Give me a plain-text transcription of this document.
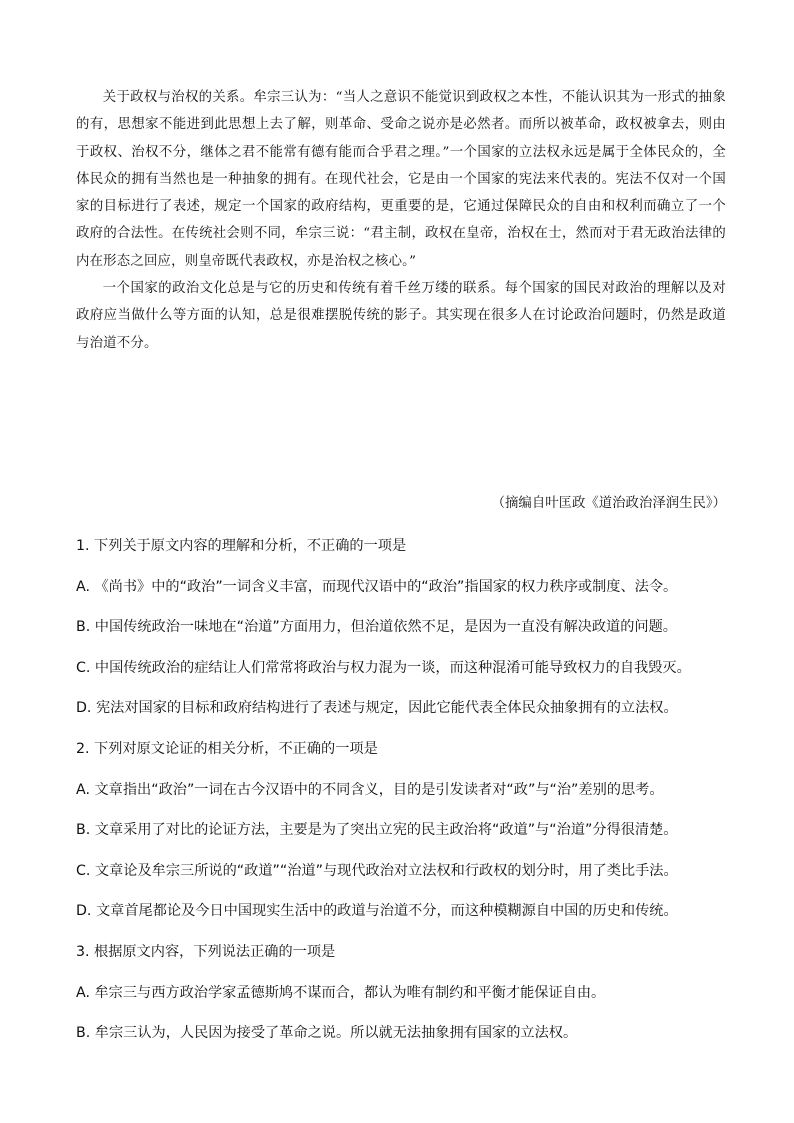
关于政权与治权的关系。牟宗三认为：“当人之意识不能觉识到政权之本性，不能认识其为一形式的抽象的有，思想家不能进到此思想上去了解，则革命、受命之说亦是必然者。而所以被革命，政权被拿去，则由于政权、治权不分，继体之君不能常有德有能而合乎君之理。”一个国家的立法权永远是属于全体民众的，全体民众的拥有当然也是一种抽象的拥有。在现代社会，它是由一个国家的宪法来代表的。宪法不仅对一个国家的目标进行了表述，规定一个国家的政府结构，更重要的是，它通过保障民众的自由和权利而确立了一个政府的合法性。在传统社会则不同，牟宗三说：“君主制，政权在皇帝，治权在士，然而对于君无政治法律的内在形态之回应，则皇帝既代表政权，亦是治权之核心。”

一个国家的政治文化总是与它的历史和传统有着千丝万缕的联系。每个国家的国民对政治的理解以及对政府应当做什么等方面的认知，总是很难摆脱传统的影子。其实现在很多人在讨论政治问题时，仍然是政道与治道不分。

（摘编自叶匡政《道治政治泽润生民》）
1. 下列关于原文内容的理解和分析，不正确的一项是
A. 《尚书》中的“政治”一词含义丰富，而现代汉语中的“政治”指国家的权力秩序或制度、法令。
B. 中国传统政治一味地在“治道”方面用力，但治道依然不足，是因为一直没有解决政道的问题。
C. 中国传统政治的症结让人们常常将政治与权力混为一谈，而这种混淆可能导致权力的自我毁灭。
D. 宪法对国家的目标和政府结构进行了表述与规定，因此它能代表全体民众抽象拥有的立法权。
2. 下列对原文论证的相关分析，不正确的一项是
A. 文章指出“政治”一词在古今汉语中的不同含义，目的是引发读者对“政”与“治”差别的思考。
B. 文章采用了对比的论证方法，主要是为了突出立宪的民主政治将“政道”与“治道”分得很清楚。
C. 文章论及牟宗三所说的“政道”“治道”与现代政治对立法权和行政权的划分时，用了类比手法。
D. 文章首尾都论及今日中国现实生活中的政道与治道不分，而这种模糊源自中国的历史和传统。
3. 根据原文内容，下列说法正确的一项是
A. 牟宗三与西方政治学家孟德斯鸠不谋而合，都认为唯有制约和平衡才能保证自由。
B. 牟宗三认为，人民因为接受了革命之说。所以就无法抽象拥有国家的立法权。
